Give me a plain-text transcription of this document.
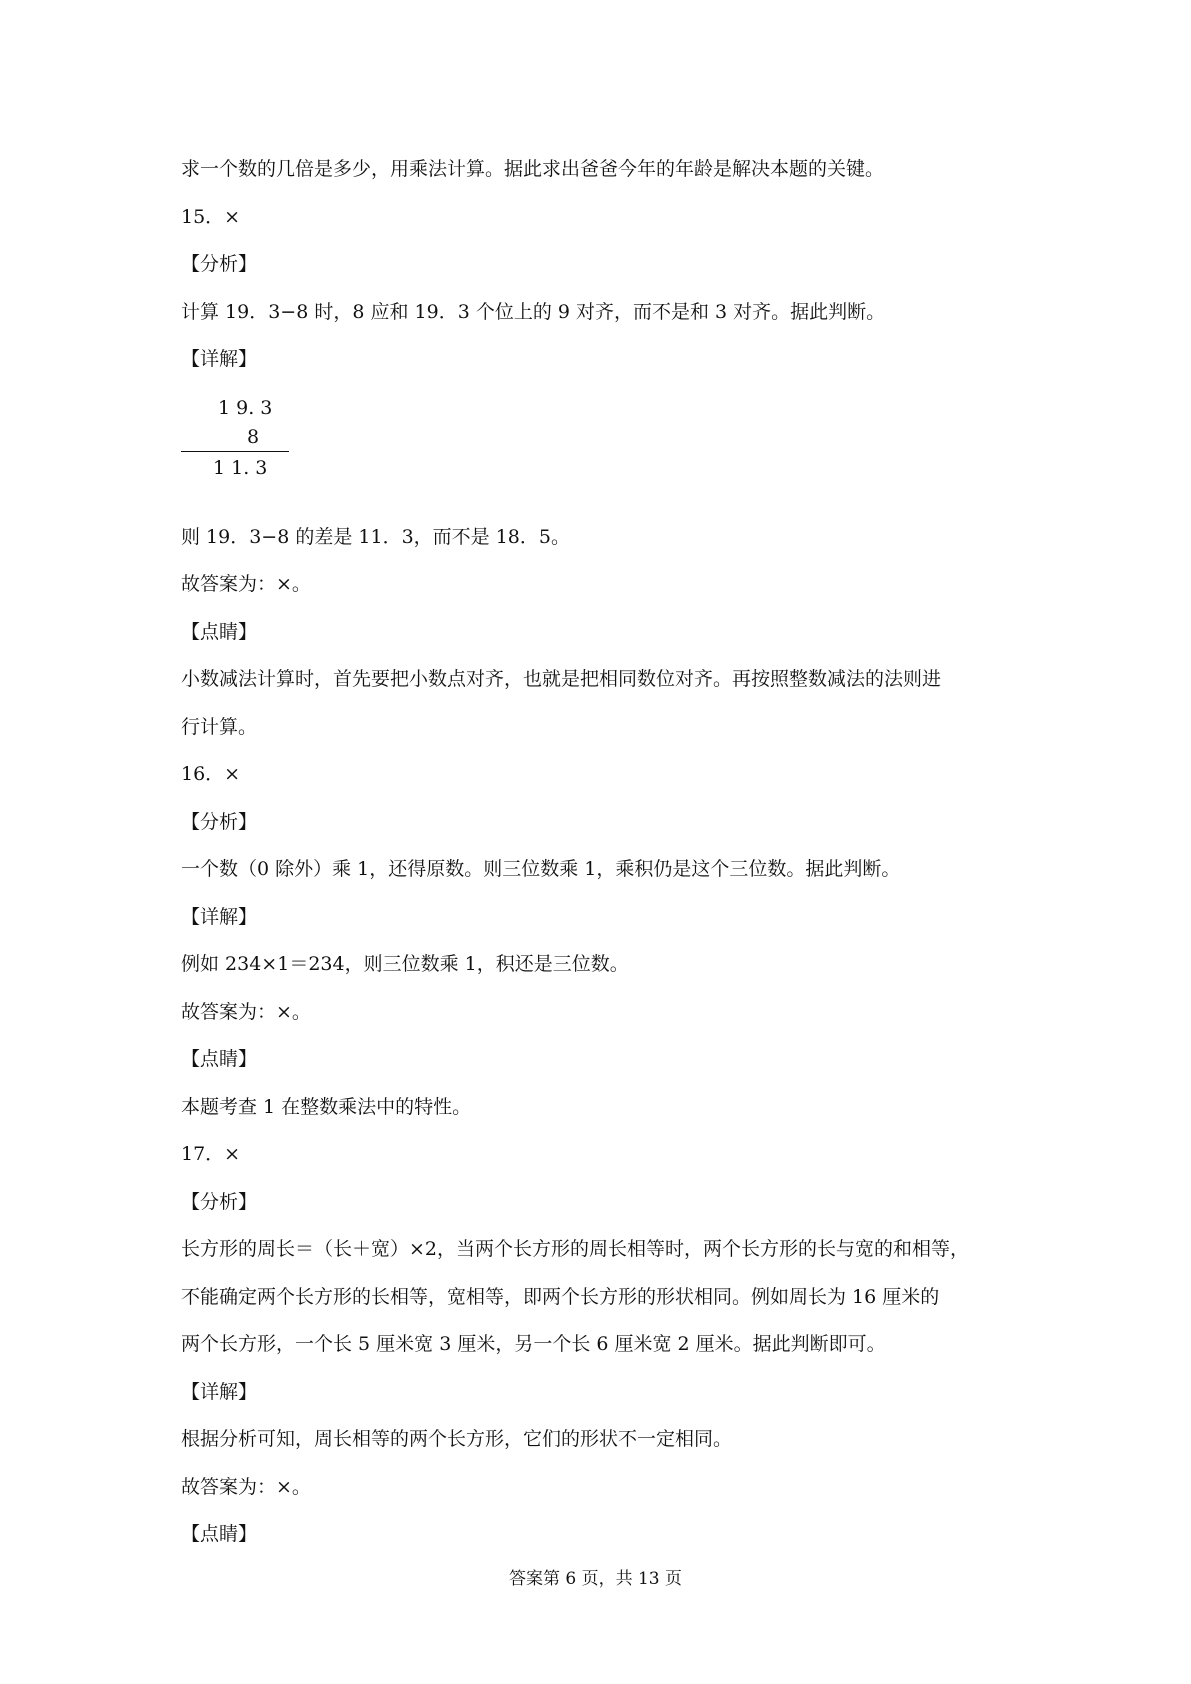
求一个数的几倍是多少，用乘法计算。据此求出爸爸今年的年龄是解决本题的关键。
15．×
【分析】
计算 19．3−8 时，8 应和 19．3 个位上的 9 对齐，而不是和 3 对齐。据此判断。
【详解】
1 9. 3
8
1 1. 3
则 19．3−8 的差是 11．3，而不是 18．5。
故答案为：×。
【点睛】
小数减法计算时，首先要把小数点对齐，也就是把相同数位对齐。再按照整数减法的法则进
行计算。
16．×
【分析】
一个数（0 除外）乘 1，还得原数。则三位数乘 1，乘积仍是这个三位数。据此判断。
【详解】
例如 234×1＝234，则三位数乘 1，积还是三位数。
故答案为：×。
【点睛】
本题考查 1 在整数乘法中的特性。
17．×
【分析】
长方形的周长＝（长＋宽）×2，当两个长方形的周长相等时，两个长方形的长与宽的和相等，
不能确定两个长方形的长相等，宽相等，即两个长方形的形状相同。例如周长为 16 厘米的
两个长方形，一个长 5 厘米宽 3 厘米，另一个长 6 厘米宽 2 厘米。据此判断即可。
【详解】
根据分析可知，周长相等的两个长方形，它们的形状不一定相同。
故答案为：×。
【点睛】
答案第 6 页，共 13 页
